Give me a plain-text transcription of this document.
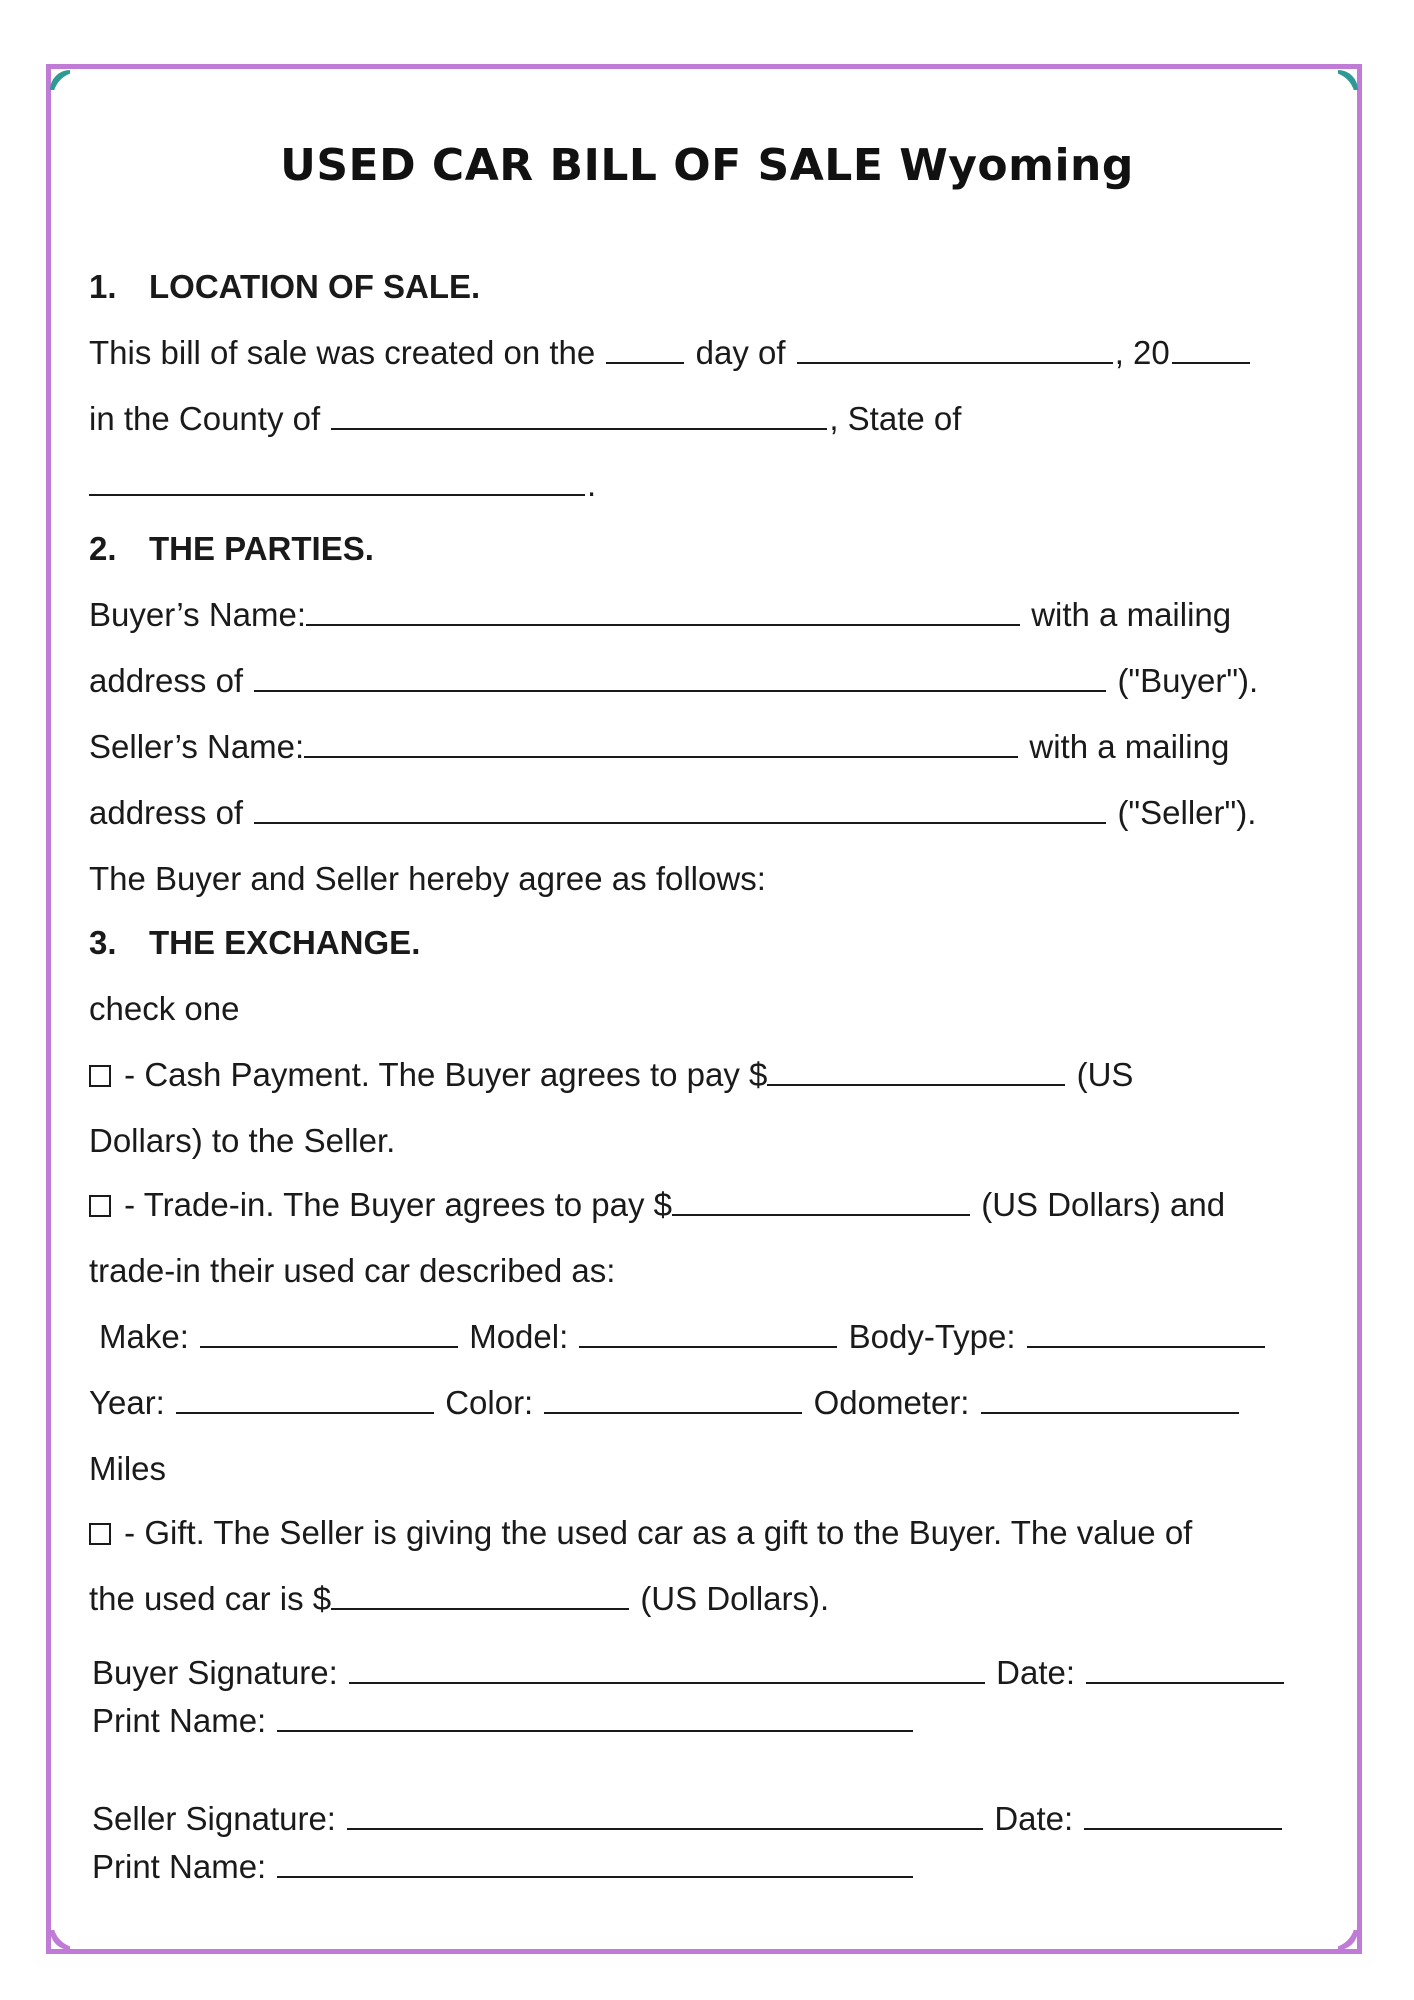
USED CAR BILL OF SALE Wyoming
1. LOCATION OF SALE.
This bill of sale was created on the	day of	, 20
in the County of	, State of
.
2. THE PARTIES.
Buyer’s Name:	with a mailing
address of	("Buyer").
Seller’s Name:	with a mailing
address of	("Seller").
The Buyer and Seller hereby agree as follows:
3. THE EXCHANGE.
check one
- Cash Payment. The Buyer agrees to pay $	(US
Dollars) to the Seller.
- Trade-in. The Buyer agrees to pay $	(US Dollars) and
trade-in their used car described as:
Make:	Model:	Body-Type:
Year:	Color:	Odometer:
Miles
- Gift. The Seller is giving the used car as a gift to the Buyer. The value of
the used car is $	(US Dollars).
Buyer Signature:	Date:
Print Name:
Seller Signature:	Date:
Print Name:
